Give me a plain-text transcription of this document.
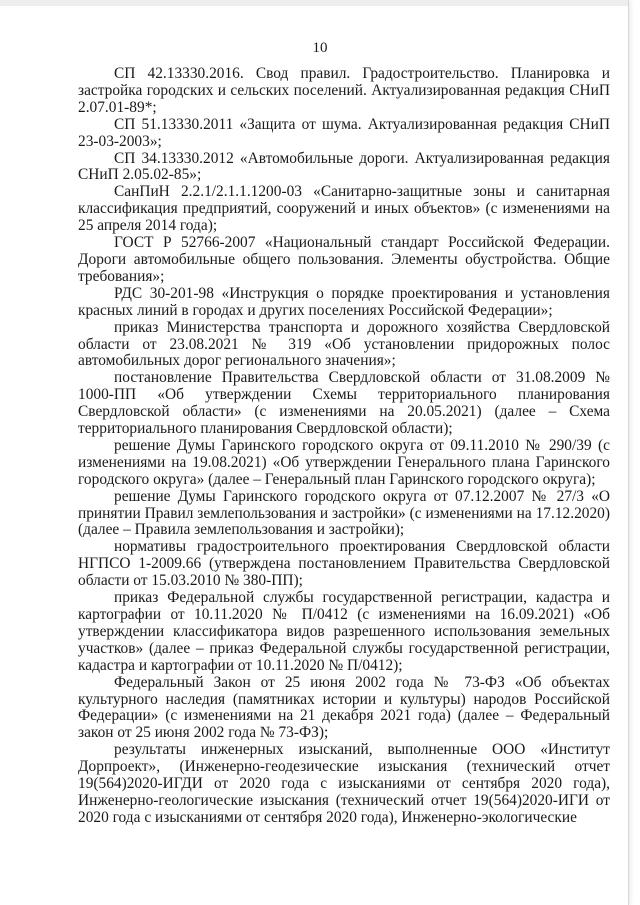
10

СП 42.13330.2016. Свод правил. Градостроительство. Планировка и застройка городских и сельских поселений. Актуализированная редакция СНиП 2.07.01-89*;

СП 51.13330.2011 «Защита от шума. Актуализированная редакция СНиП 23-03-2003»;

СП 34.13330.2012 «Автомобильные дороги. Актуализированная редакция СНиП 2.05.02-85»;

СанПиН 2.2.1/2.1.1.1200-03 «Санитарно-защитные зоны и санитарная классификация предприятий, сооружений и иных объектов» (с изменениями на 25 апреля 2014 года);

ГОСТ Р 52766-2007 «Национальный стандарт Российской Федерации. Дороги автомобильные общего пользования. Элементы обустройства. Общие требования»;

РДС 30-201-98 «Инструкция о порядке проектирования и установления красных линий в городах и других поселениях Российской Федерации»;

приказ Министерства транспорта и дорожного хозяйства Свердловской области от 23.08.2021 № 319 «Об установлении придорожных полос автомобильных дорог регионального значения»;

постановление Правительства Свердловской области от 31.08.2009 № 1000-ПП «Об утверждении Схемы территориального планирования Свердловской области» (с изменениями на 20.05.2021) (далее – Схема территориального планирования Свердловской области);

решение Думы Гаринского городского округа от 09.11.2010 № 290/39 (с изменениями на 19.08.2021) «Об утверждении Генерального плана Гаринского городского округа» (далее – Генеральный план Гаринского городского округа);

решение Думы Гаринского городского округа от 07.12.2007 № 27/3 «О принятии Правил землепользования и застройки» (с изменениями на 17.12.2020) (далее – Правила землепользования и застройки);

нормативы градостроительного проектирования Свердловской области НГПСО 1-2009.66 (утверждена постановлением Правительства Свердловской области от 15.03.2010 № 380-ПП);

приказ Федеральной службы государственной регистрации, кадастра и картографии от 10.11.2020 № П/0412 (с изменениями на 16.09.2021) «Об утверждении классификатора видов разрешенного использования земельных участков» (далее – приказ Федеральной службы государственной регистрации, кадастра и картографии от 10.11.2020 № П/0412);

Федеральный Закон от 25 июня 2002 года № 73-ФЗ «Об объектах культурного наследия (памятниках истории и культуры) народов Российской Федерации» (с изменениями на 21 декабря 2021 года) (далее – Федеральный закон от 25 июня 2002 года № 73-ФЗ);

результаты инженерных изысканий, выполненные ООО «Институт Дорпроект», (Инженерно-геодезические изыскания (технический отчет 19(564)2020-ИГДИ от 2020 года с изысканиями от сентября 2020 года), Инженерно-геологические изыскания (технический отчет 19(564)2020-ИГИ от 2020 года с изысканиями от сентября 2020 года), Инженерно-экологические
